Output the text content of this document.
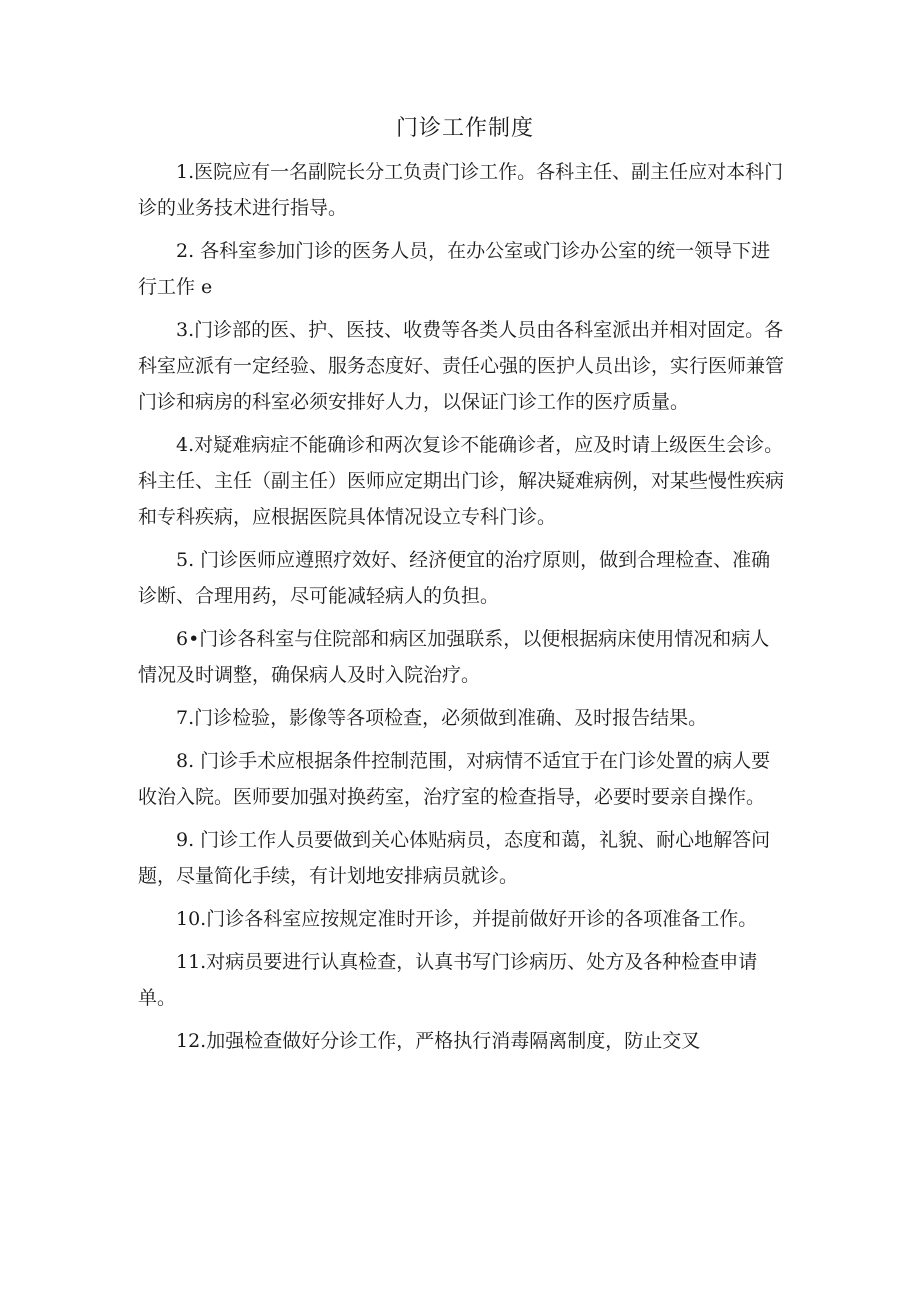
门诊工作制度

1.医院应有一名副院长分工负责门诊工作。各科主任、副主任应对本科门诊的业务技术进行指导。

2. 各科室参加门诊的医务人员，在办公室或门诊办公室的统一领导下进行工作 e

3.门诊部的医、护、医技、收费等各类人员由各科室派出并相对固定。各科室应派有一定经验、服务态度好、责任心强的医护人员出诊，实行医师兼管门诊和病房的科室必须安排好人力，以保证门诊工作的医疗质量。

4.对疑难病症不能确诊和两次复诊不能确诊者，应及时请上级医生会诊。科主任、主任（副主任）医师应定期出门诊，解决疑难病例，对某些慢性疾病和专科疾病，应根据医院具体情况设立专科门诊。

5. 门诊医师应遵照疗效好、经济便宜的治疗原则，做到合理检查、准确诊断、合理用药，尽可能减轻病人的负担。

6•门诊各科室与住院部和病区加强联系，以便根据病床使用情况和病人情况及时调整，确保病人及时入院治疗。

7.门诊检验，影像等各项检查，必须做到准确、及时报告结果。

8. 门诊手术应根据条件控制范围，对病情不适宜于在门诊处置的病人要收治入院。医师要加强对换药室，治疗室的检查指导，必要时要亲自操作。

9. 门诊工作人员要做到关心体贴病员，态度和蔼，礼貌、耐心地解答问题，尽量简化手续，有计划地安排病员就诊。

10.门诊各科室应按规定准时开诊，并提前做好开诊的各项准备工作。

11.对病员要进行认真检查，认真书写门诊病历、处方及各种检查申请单。

12.加强检查做好分诊工作，严格执行消毒隔离制度，防止交叉
